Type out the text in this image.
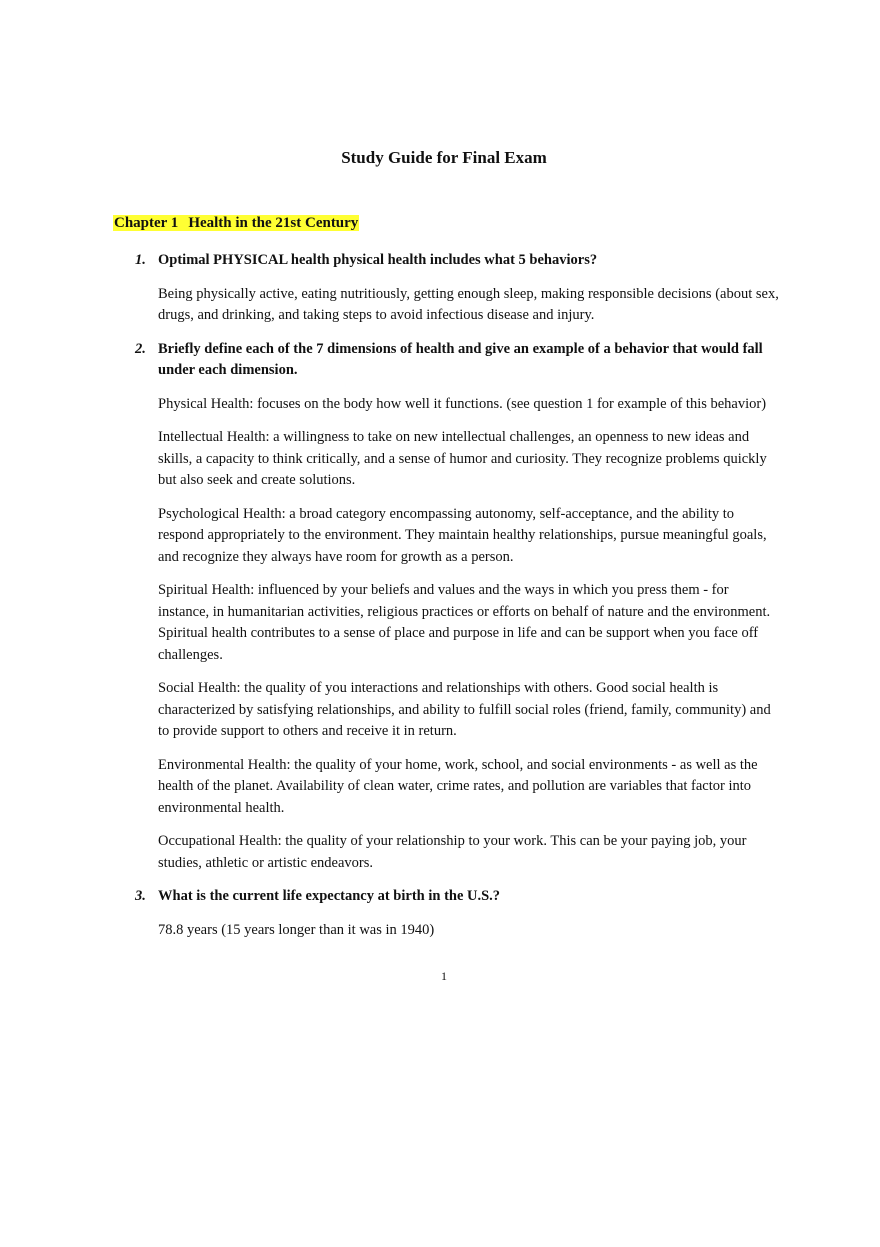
Study Guide for Final Exam

Chapter 1 Health in the 21st Century

1. Optimal PHYSICAL health physical health includes what 5 behaviors?

Being physically active, eating nutritiously, getting enough sleep, making responsible decisions (about sex, drugs, and drinking, and taking steps to avoid infectious disease and injury.

2. Briefly define each of the 7 dimensions of health and give an example of a behavior that would fall under each dimension.

Physical Health: focuses on the body how well it functions. (see question 1 for example of this behavior)

Intellectual Health: a willingness to take on new intellectual challenges, an openness to new ideas and skills, a capacity to think critically, and a sense of humor and curiosity. They recognize problems quickly but also seek and create solutions.

Psychological Health: a broad category encompassing autonomy, self-acceptance, and the ability to respond appropriately to the environment. They maintain healthy relationships, pursue meaningful goals, and recognize they always have room for growth as a person.

Spiritual Health: influenced by your beliefs and values and the ways in which you press them - for instance, in humanitarian activities, religious practices or efforts on behalf of nature and the environment. Spiritual health contributes to a sense of place and purpose in life and can be support when you face off challenges.

Social Health: the quality of you interactions and relationships with others. Good social health is characterized by satisfying relationships, and ability to fulfill social roles (friend, family, community) and to provide support to others and receive it in return.

Environmental Health: the quality of your home, work, school, and social environments - as well as the health of the planet. Availability of clean water, crime rates, and pollution are variables that factor into environmental health.

Occupational Health: the quality of your relationship to your work. This can be your paying job, your studies, athletic or artistic endeavors.

3. What is the current life expectancy at birth in the U.S.?

78.8 years (15 years longer than it was in 1940)

1
